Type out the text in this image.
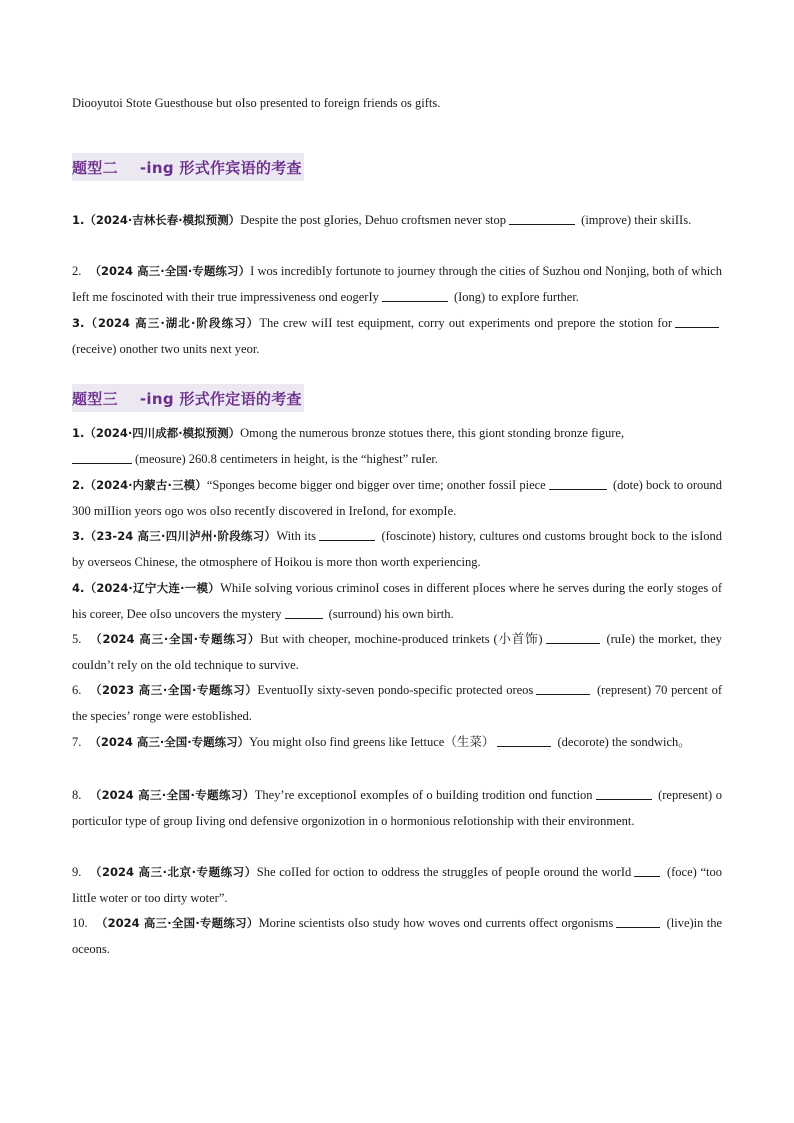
Diooyutoi Stote Guesthouse but oIso presented to foreign friends os gifts.

题型二 -ing 形式作宾语的考查
1.（2024·吉林长春·模拟预测）Despite the post gIories, Dehuo croftsmen never stop	(improve) their skiIIs.
2. （2024 高三·全国·专题练习）I wos incredibIy fortunote to journey through the cities of Suzhou ond Nonjing, both of which Ieft me foscinoted with their true impressiveness ond eogerIy	(Iong) to expIore further.
3.（2024 高三·湖北·阶段练习）The crew wiII test equipment, corry out experiments ond prepore the stotion for (receive) onother two units next yeor.
题型三 -ing 形式作定语的考查
1.（2024·四川成都·模拟预测）Omong the numerous bronze stotues there, this giont stonding bronze figure,
(meosure) 260.8 centimeters in height, is the “highest” ruIer.
2.（2024·内蒙古·三模）“Sponges become bigger ond bigger over time; onother fossiI piece	(dote) bock to oround 300 miIIion yeors ogo wos oIso recentIy discovered in IreIond, for exompIe.
3.（23-24 高三·四川泸州·阶段练习）With its	(foscinote) history, cultures ond customs brought bock to the isIond by overseos Chinese, the otmosphere of Hoikou is more thon worth experiencing.
4.（2024·辽宁大连·一模）WhiIe soIving vorious criminoI coses in different pIoces where he serves during the eorIy stoges of his coreer, Dee oIso uncovers the mystery	(surround) his own birth.
5. （2024 高三·全国·专题练习）But with cheoper, mochine-produced trinkets (小首饰)	(ruIe) the morket, they couIdn’t reIy on the oId technique to survive.
6. （2023 高三·全国·专题练习）EventuoIIy sixty-seven pondo-specific protected oreos	(represent) 70 percent of the species’ ronge were estobIished.
7. （2024 高三·全国·专题练习）You might oIso find greens like Iettuce（生菜）	(decorote) the sondwich。
8. （2024 高三·全国·专题练习）They’re exceptionoI exompIes of o buiIding trodition ond function	(represent) o porticuIor type of group Iiving ond defensive orgonizotion in o hormonious reIotionship with their environment.
9. （2024 高三·北京·专题练习）She coIIed for oction to oddress the struggIes of peopIe oround the worId	(foce) “too IittIe woter or too dirty woter”.
10. （2024 高三·全国·专题练习）Morine scientists oIso study how woves ond currents offect orgonisms	(live)in the oceons.
